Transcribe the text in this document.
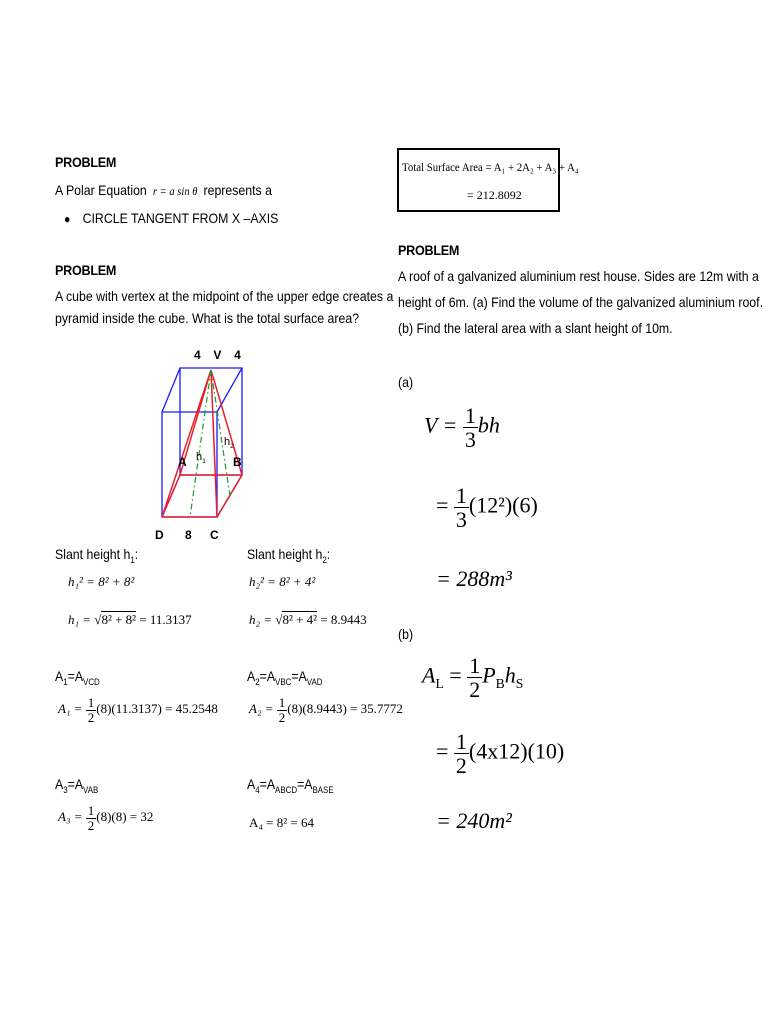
PROBLEM
A Polar Equation r = a sin θ represents a
● CIRCLE TANGENT FROM X –AXIS
PROBLEM
A cube with vertex at the midpoint of the upper edge creates a
pyramid inside the cube. What is the total surface area?
4 V 4
A	B
$h_1$
$h_2$
D 8 C
Slant height $h_1$:
h₁² = 8² + 8²
h₁ = √8² + 8² = 11.3137
Slant height $h_2$:
h₂² = 8² + 4²
h₂ = √8² + 4² = 8.9443
$A_1=A_{VCD}$
$A_1 = \frac{1}{2} (8)(11.3137) = 45.2548$
$A_2=A_{VBC}=A_{VAD}$
$A_2 = \frac{1}{2} (8)(8.9443) = 35.7772$
$A_3=A_{VAB}$
$A_3 = \frac{1}{2} (8)(8) = 32$
$A_4=A_{ABCD}=A_{BASE}$
A₄ = 8² = 64
Total Surface Area = A₁ + 2A₂ + A₃ + A₄
= 212.8092
PROBLEM
A roof of a galvanized aluminium rest house. Sides are 12m with a
height of 6m. (a) Find the volume of the galvanized aluminium roof.
(b) Find the lateral area with a slant height of 10m.
(a)
$V = \frac{1}{3}$ bh
= $\frac{1}{3} (12^2)(6)$
= 288m³
(b)
$A_L = \frac{1}{2} P_Bh_S$
= $\frac{1}{2} (4x12)(10)$
= 240m²
